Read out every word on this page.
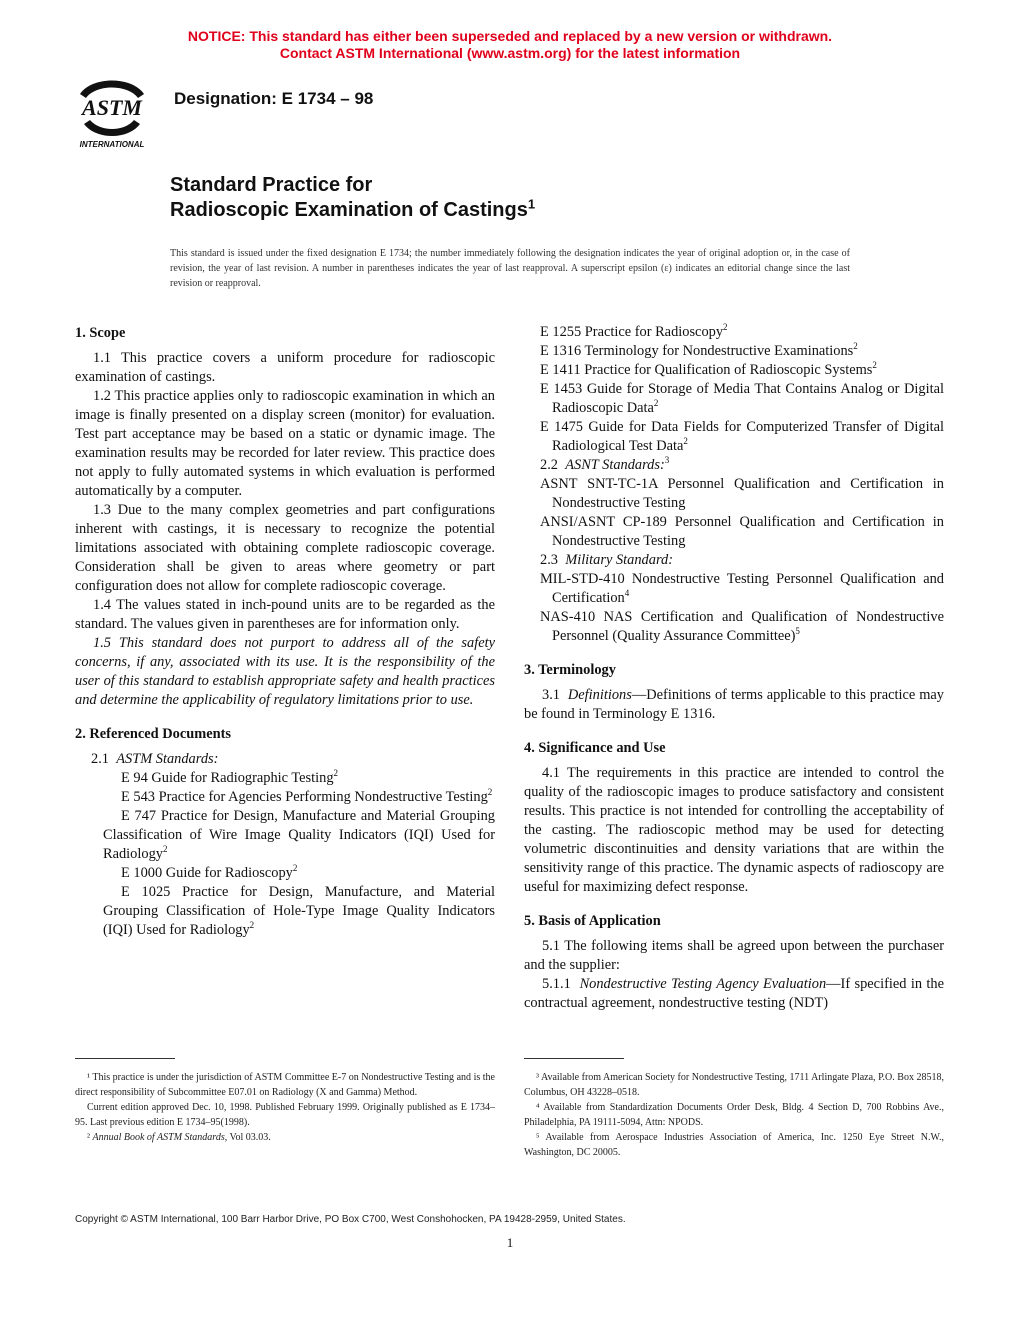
NOTICE: This standard has either been superseded and replaced by a new version or withdrawn.
Contact ASTM International (www.astm.org) for the latest information
ASTM
INTERNATIONAL
Designation: E 1734 – 98
Standard Practice for
Radioscopic Examination of Castings$^1$
This standard is issued under the fixed designation E 1734; the number immediately following the designation indicates the year of original adoption or, in the case of revision, the year of last revision. A number in parentheses indicates the year of last reapproval. A superscript epsilon (ε) indicates an editorial change since the last revision or reapproval.
1. Scope

1.1 This practice covers a uniform procedure for radioscopic examination of castings.

1.2 This practice applies only to radioscopic examination in which an image is finally presented on a display screen (monitor) for evaluation. Test part acceptance may be based on a static or dynamic image. The examination results may be recorded for later review. This practice does not apply to fully automated systems in which evaluation is performed automatically by a computer.

1.3 Due to the many complex geometries and part configurations inherent with castings, it is necessary to recognize the potential limitations associated with obtaining complete radioscopic coverage. Consideration shall be given to areas where geometry or part configuration does not allow for complete radioscopic coverage.

1.4 The values stated in inch-pound units are to be regarded as the standard. The values given in parentheses are for information only.

1.5 This standard does not purport to address all of the safety concerns, if any, associated with its use. It is the responsibility of the user of this standard to establish appropriate safety and health practices and determine the applicability of regulatory limitations prior to use.

2. Referenced Documents

2.1 ASTM Standards:

E 94 Guide for Radiographic Testing$^2$

E 543 Practice for Agencies Performing Nondestructive Testing$^2$

E 747 Practice for Design, Manufacture and Material Grouping Classification of Wire Image Quality Indicators (IQI) Used for Radiology$^2$

E 1000 Guide for Radioscopy$^2$

E 1025 Practice for Design, Manufacture, and Material Grouping Classification of Hole-Type Image Quality Indicators (IQI) Used for Radiology$^2$

E 1255 Practice for Radioscopy$^2$

E 1316 Terminology for Nondestructive Examinations$^2$

E 1411 Practice for Qualification of Radioscopic Systems$^2$

E 1453 Guide for Storage of Media That Contains Analog or Digital Radioscopic Data$^2$

E 1475 Guide for Data Fields for Computerized Transfer of Digital Radiological Test Data$^2$

2.2 ASNT Standards:$^3$

ASNT SNT-TC-1A Personnel Qualification and Certification in Nondestructive Testing

ANSI/ASNT CP-189 Personnel Qualification and Certification in Nondestructive Testing

2.3 Military Standard:

MIL-STD-410 Nondestructive Testing Personnel Qualification and Certification$^4$

NAS-410 NAS Certification and Qualification of Nondestructive Personnel (Quality Assurance Committee)$^5$

3. Terminology

3.1 Definitions—Definitions of terms applicable to this practice may be found in Terminology E 1316.

4. Significance and Use

4.1 The requirements in this practice are intended to control the quality of the radioscopic images to produce satisfactory and consistent results. This practice is not intended for controlling the acceptability of the casting. The radioscopic method may be used for detecting volumetric discontinuities and density variations that are within the sensitivity range of this practice. The dynamic aspects of radioscopy are useful for maximizing defect response.

5. Basis of Application

5.1 The following items shall be agreed upon between the purchaser and the supplier:

5.1.1 Nondestructive Testing Agency Evaluation—If specified in the contractual agreement, nondestructive testing (NDT)

¹ This practice is under the jurisdiction of ASTM Committee E-7 on Nondestructive Testing and is the direct responsibility of Subcommittee E07.01 on Radiology (X and Gamma) Method.

Current edition approved Dec. 10, 1998. Published February 1999. Originally published as E 1734–95. Last previous edition E 1734–95(1998).

² Annual Book of ASTM Standards, Vol 03.03.

³ Available from American Society for Nondestructive Testing, 1711 Arlingate Plaza, P.O. Box 28518, Columbus, OH 43228–0518.

⁴ Available from Standardization Documents Order Desk, Bldg. 4 Section D, 700 Robbins Ave., Philadelphia, PA 19111-5094, Attn: NPODS.

⁵ Available from Aerospace Industries Association of America, Inc. 1250 Eye Street N.W., Washington, DC 20005.

Copyright © ASTM International, 100 Barr Harbor Drive, PO Box C700, West Conshohocken, PA 19428-2959, United States.
1
